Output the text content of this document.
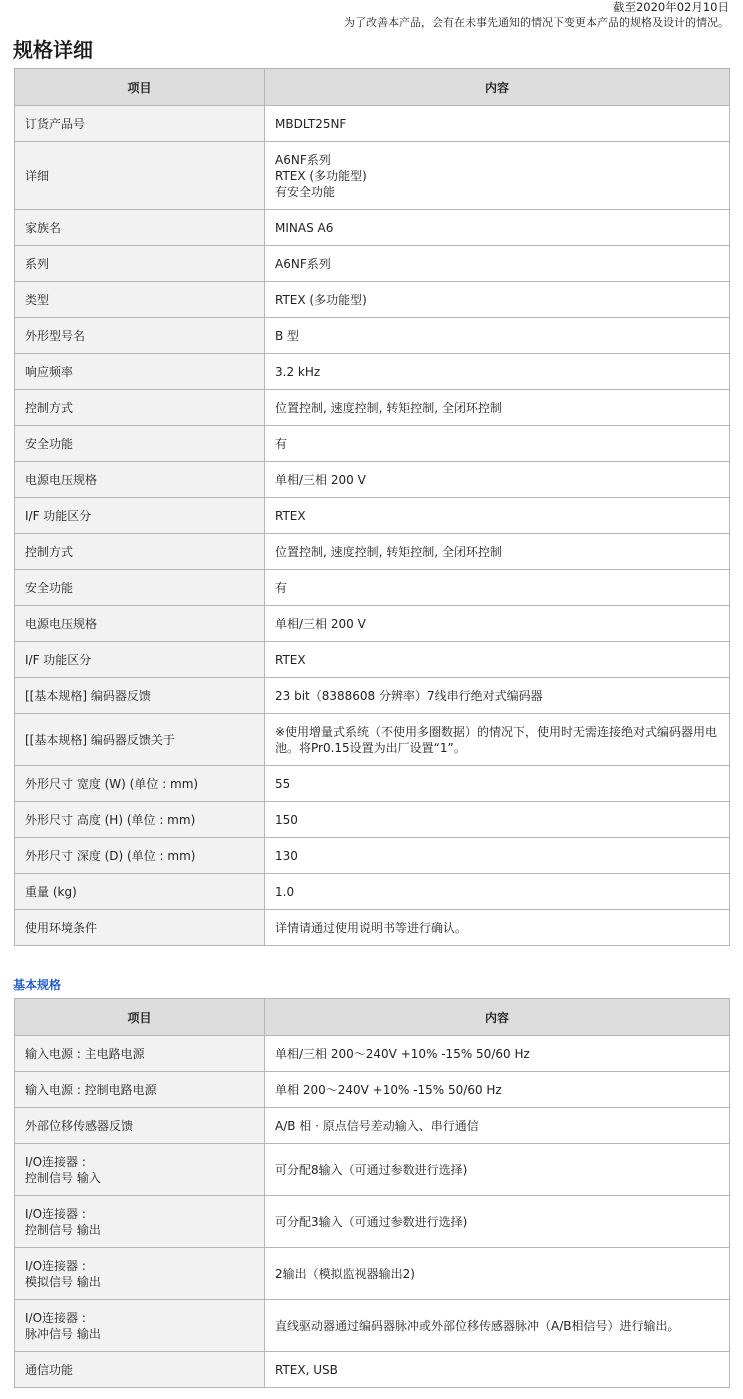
截至2020年02月10日
为了改善本产品，会有在未事先通知的情况下变更本产品的规格及设计的情况。
规格详细
项目	内容
订货产品号	MBDLT25NF
详细	A6NF系列
RTEX (多功能型)
有安全功能
家族名	MINAS A6
系列	A6NF系列
类型	RTEX (多功能型)
外形型号名	B 型
响应频率	3.2 kHz
控制方式	位置控制, 速度控制, 转矩控制, 全闭环控制
安全功能	有
电源电压规格	单相/三相 200 V
I/F 功能区分	RTEX
控制方式	位置控制, 速度控制, 转矩控制, 全闭环控制
安全功能	有
电源电压规格	单相/三相 200 V
I/F 功能区分	RTEX
[[基本规格] 编码器反馈	23 bit（8388608 分辨率）7线串行绝对式编码器
[[基本规格] 编码器反馈关于	※使用增量式系统（不使用多圈数据）的情况下，使用时无需连接绝对式编码器用电池。将Pr0.15设置为出厂设置“1”。
外形尺寸 宽度 (W) (单位 : mm)	55
外形尺寸 高度 (H) (单位 : mm)	150
外形尺寸 深度 (D) (单位 : mm)	130
重量 (kg)	1.0
使用环境条件	详情请通过使用说明书等进行确认。
基本规格
项目	内容
输入电源 : 主电路电源	单相/三相 200～240V +10% -15% 50/60 Hz
输入电源 : 控制电路电源	单相 200～240V +10% -15% 50/60 Hz
外部位移传感器反馈	A/B 相 · 原点信号差动输入、串行通信
I/O连接器 :
控制信号 输入	可分配8输入（可通过参数进行选择)
I/O连接器 :
控制信号 输出	可分配3输入（可通过参数进行选择)
I/O连接器 :
模拟信号 输出	2输出（模拟监视器输出2)
I/O连接器 :
脉冲信号 输出	直线驱动器通过编码器脉冲或外部位移传感器脉冲（A/B相信号）进行输出。
通信功能	RTEX, USB
